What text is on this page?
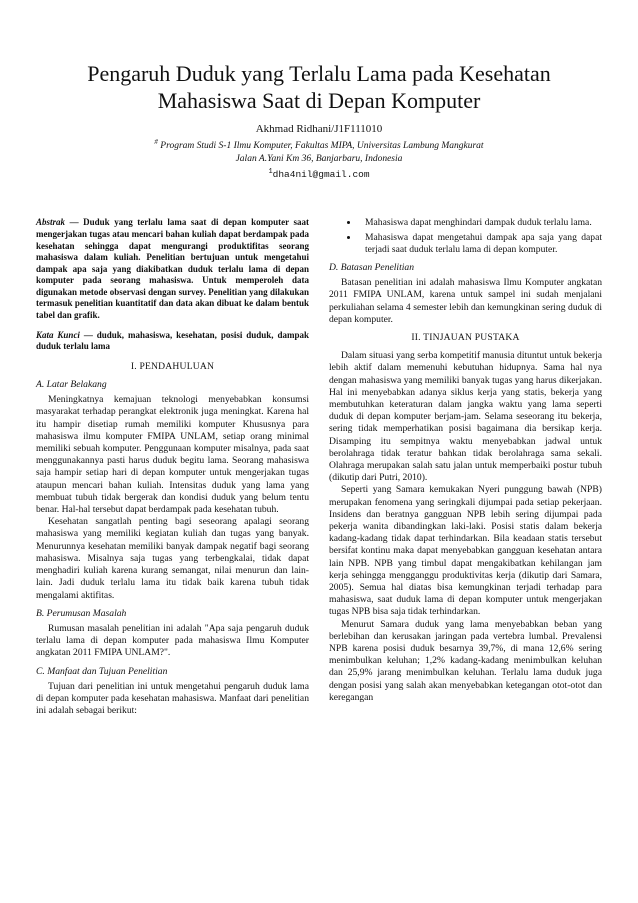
Pengaruh Duduk yang Terlalu Lama pada Kesehatan
Mahasiswa Saat di Depan Komputer
Akhmad Ridhani/J1F111010
# Program Studi S-1 Ilmu Komputer, Fakultas MIPA, Universitas Lambung Mangkurat
Jalan A.Yani Km 36, Banjarbaru, Indonesia
$^1$dha4nil@gmail.com
Abstrak — Duduk yang terlalu lama saat di depan komputer saat mengerjakan tugas atau mencari bahan kuliah dapat berdampak pada kesehatan sehingga dapat mengurangi produktifitas seorang mahasiswa dalam kuliah. Penelitian bertujuan untuk mengetahui dampak apa saja yang diakibatkan duduk terlalu lama di depan komputer pada seorang mahasiswa. Untuk memperoleh data digunakan metode observasi dengan survey. Penelitian yang dilakukan termasuk penelitian kuantitatif dan data akan dibuat ke dalam bentuk tabel dan grafik.
Kata Kunci — duduk, mahasiswa, kesehatan, posisi duduk, dampak duduk terlalu lama
I. PENDAHULUAN
A. Latar Belakang

Meningkatnya kemajuan teknologi menyebabkan konsumsi masyarakat terhadap perangkat elektronik juga meningkat. Karena hal itu hampir disetiap rumah memiliki komputer Khususnya para mahasiswa ilmu komputer FMIPA UNLAM, setiap orang minimal memiliki sebuah komputer. Penggunaan komputer misalnya, pada saat menggunakannya pasti harus duduk begitu lama. Seorang mahasiswa saja hampir setiap hari di depan komputer untuk mengerjakan tugas ataupun mencari bahan kuliah. Intensitas duduk yang lama yang membuat tubuh tidak bergerak dan kondisi duduk yang belum tentu benar. Hal-hal tersebut dapat berdampak pada kesehatan tubuh.

Kesehatan sangatlah penting bagi seseorang apalagi seorang mahasiswa yang memiliki kegiatan kuliah dan tugas yang banyak. Menurunnya kesehatan memiliki banyak dampak negatif bagi seorang mahasiswa. Misalnya saja tugas yang terbengkalai, tidak dapat menghadiri kuliah karena kurang semangat, nilai menurun dan lain-lain. Jadi duduk terlalu lama itu tidak baik karena tubuh tidak mengalami aktifitas.

B. Perumusan Masalah

Rumusan masalah penelitian ini adalah "Apa saja pengaruh duduk terlalu lama di depan komputer pada mahasiswa Ilmu Komputer angkatan 2011 FMIPA UNLAM?".

C. Manfaat dan Tujuan Penelitian

Tujuan dari penelitian ini untuk mengetahui pengaruh duduk lama di depan komputer pada kesehatan mahasiswa. Manfaat dari penelitian ini adalah sebagai berikut:

• Mahasiswa dapat menghindari dampak duduk terlalu lama.
• Mahasiswa dapat mengetahui dampak apa saja yang dapat terjadi saat duduk terlalu lama di depan komputer.
D. Batasan Penelitian

Batasan penelitian ini adalah mahasiswa Ilmu Komputer angkatan 2011 FMIPA UNLAM, karena untuk sampel ini sudah menjalani perkuliahan selama 4 semester lebih dan kemungkinan sering duduk di depan komputer.

II. TINJAUAN PUSTAKA

Dalam situasi yang serba kompetitif manusia dituntut untuk bekerja lebih aktif dalam memenuhi kebutuhan hidupnya. Sama hal nya dengan mahasiswa yang memiliki banyak tugas yang harus dikerjakan. Hal ini menyebabkan adanya siklus kerja yang statis, bekerja yang membutuhkan keteraturan dalam jangka waktu yang lama seperti duduk di depan komputer berjam-jam. Selama seseorang itu bekerja, sering tidak memperhatikan posisi bagaimana dia bersikap kerja. Disamping itu sempitnya waktu menyebabkan jadwal untuk berolahraga tidak teratur bahkan tidak berolahraga sama sekali. Olahraga merupakan salah satu jalan untuk memperbaiki postur tubuh (dikutip dari Putri, 2010).

Seperti yang Samara kemukakan Nyeri punggung bawah (NPB) merupakan fenomena yang seringkali dijumpai pada setiap pekerjaan. Insidens dan beratnya gangguan NPB lebih sering dijumpai pada pekerja wanita dibandingkan laki-laki. Posisi statis dalam bekerja kadang-kadang tidak dapat terhindarkan. Bila keadaan statis tersebut bersifat kontinu maka dapat menyebabkan gangguan kesehatan antara lain NPB. NPB yang timbul dapat mengakibatkan kehilangan jam kerja sehingga mengganggu produktivitas kerja (dikutip dari Samara, 2005). Semua hal diatas bisa kemungkinan terjadi terhadap para mahasiswa, saat duduk lama di depan komputer untuk mengerjakan tugas NPB bisa saja tidak terhindarkan.

Menurut Samara duduk yang lama menyebabkan beban yang berlebihan dan kerusakan jaringan pada vertebra lumbal. Prevalensi NPB karena posisi duduk besarnya 39,7%, di mana 12,6% sering menimbulkan keluhan; 1,2% kadang-kadang menimbulkan keluhan dan 25,9% jarang menimbulkan keluhan. Terlalu lama duduk juga dengan posisi yang salah akan menyebabkan ketegangan otot-otot dan keregangan
